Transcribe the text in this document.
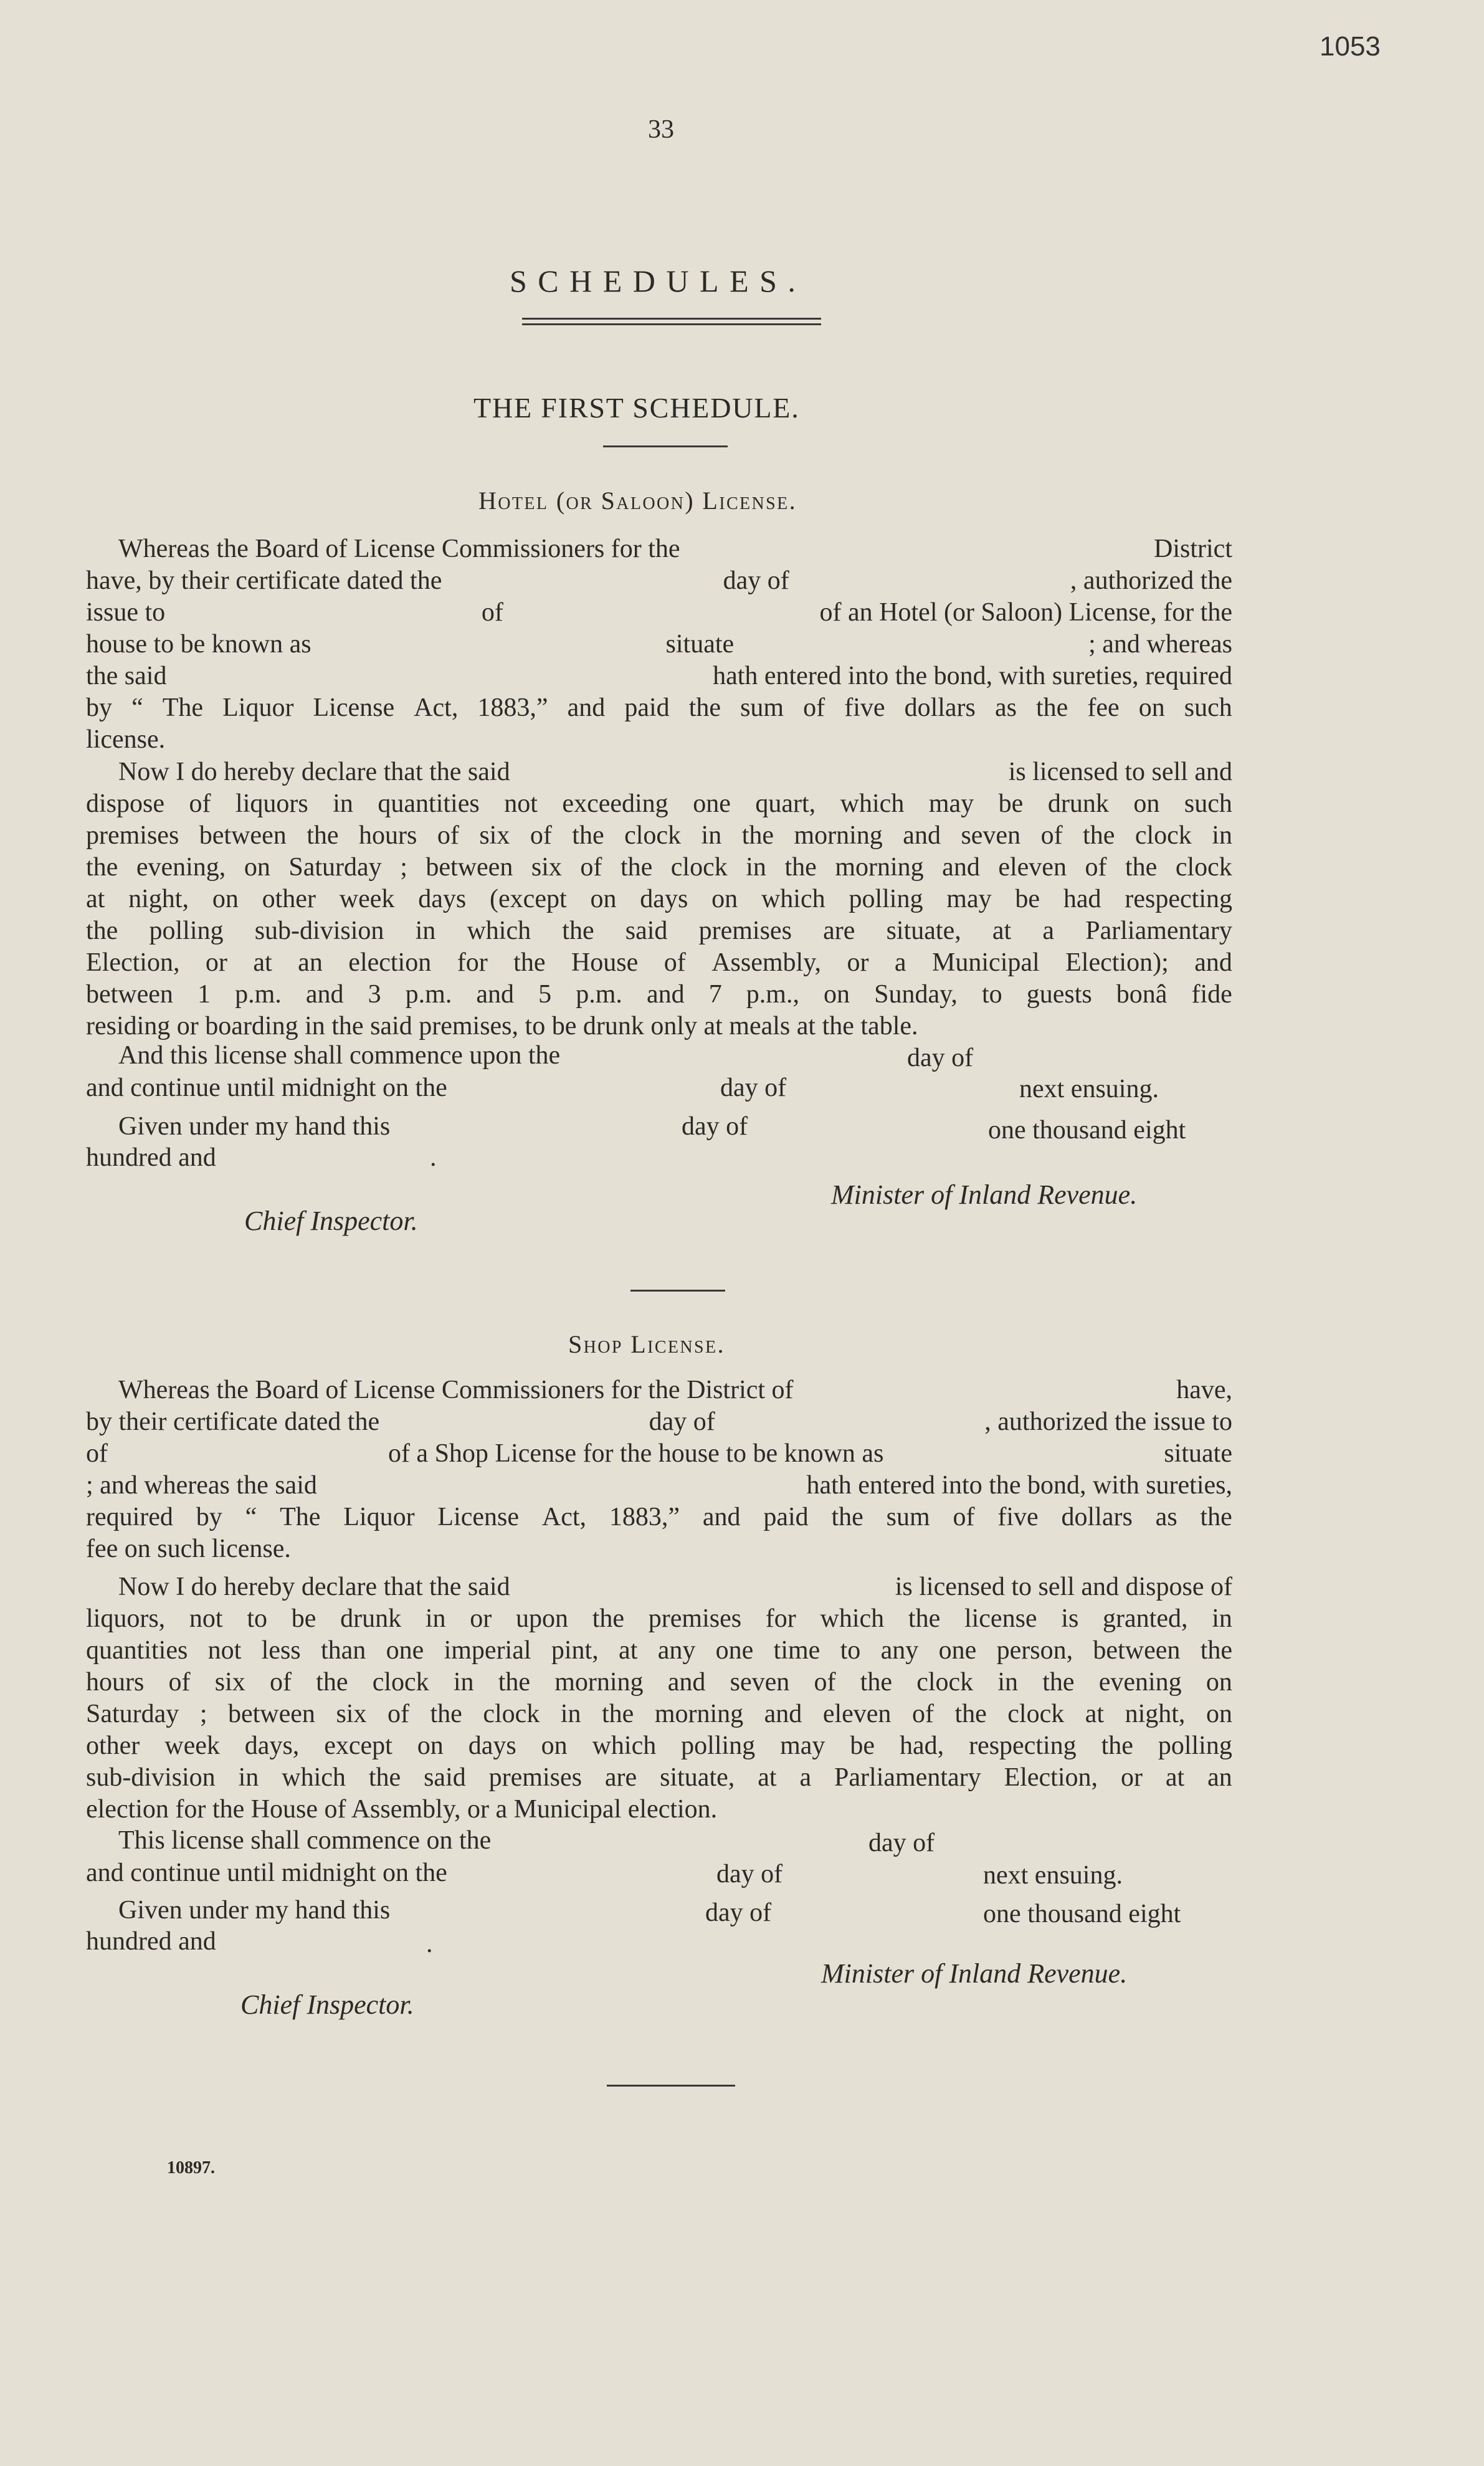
1053
33
SCHEDULES.
THE FIRST SCHEDULE.
Hotel (or Saloon) License.
Whereas the Board of License Commissioners for the	District
have, by their certificate dated the	day of	, authorized the
issue to	of	of an Hotel (or Saloon) License, for the
house to be known as	situate	; and whereas
the said	hath entered into the bond, with sureties, required
by “ The Liquor License Act, 1883,” and paid the sum of five dollars as the fee on such
license.
Now I do hereby declare that the said	is licensed to sell and
dispose of liquors in quantities not exceeding one quart, which may be drunk on such
premises between the hours of six of the clock in the morning and seven of the clock in
the evening, on Saturday ; between six of the clock in the morning and eleven of the clock
at night, on other week days (except on days on which polling may be had respecting
the polling sub-division in which the said premises are situate, at a Parliamentary
Election, or at an election for the House of Assembly, or a Municipal Election); and
between 1 p.m. and 3 p.m. and 5 p.m. and 7 p.m., on Sunday, to guests bonâ fide
residing or boarding in the said premises, to be drunk only at meals at the table.
And this license shall commence upon the	day of
and continue until midnight on the	day of	next ensuing.
Given under my hand this	day of	one thousand eight
hundred and	.
Minister of Inland Revenue.
Chief Inspector.
Shop License.
Whereas the Board of License Commissioners for the District of	have,
by their certificate dated the	day of	, authorized the issue to
of	of a Shop License for the house to be known as	situate
; and whereas the said	hath entered into the bond, with sureties,
required by “ The Liquor License Act, 1883,” and paid the sum of five dollars as the
fee on such license.
Now I do hereby declare that the said	is licensed to sell and dispose of
liquors, not to be drunk in or upon the premises for which the license is granted, in
quantities not less than one imperial pint, at any one time to any one person, between the
hours of six of the clock in the morning and seven of the clock in the evening on
Saturday ; between six of the clock in the morning and eleven of the clock at night, on
other week days, except on days on which polling may be had, respecting the polling
sub-division in which the said premises are situate, at a Parliamentary Election, or at an
election for the House of Assembly, or a Municipal election.
This license shall commence on the	day of
and continue until midnight on the	day of	next ensuing.
Given under my hand this	day of	one thousand eight
hundred and	.
Minister of Inland Revenue.
Chief Inspector.
10897.
